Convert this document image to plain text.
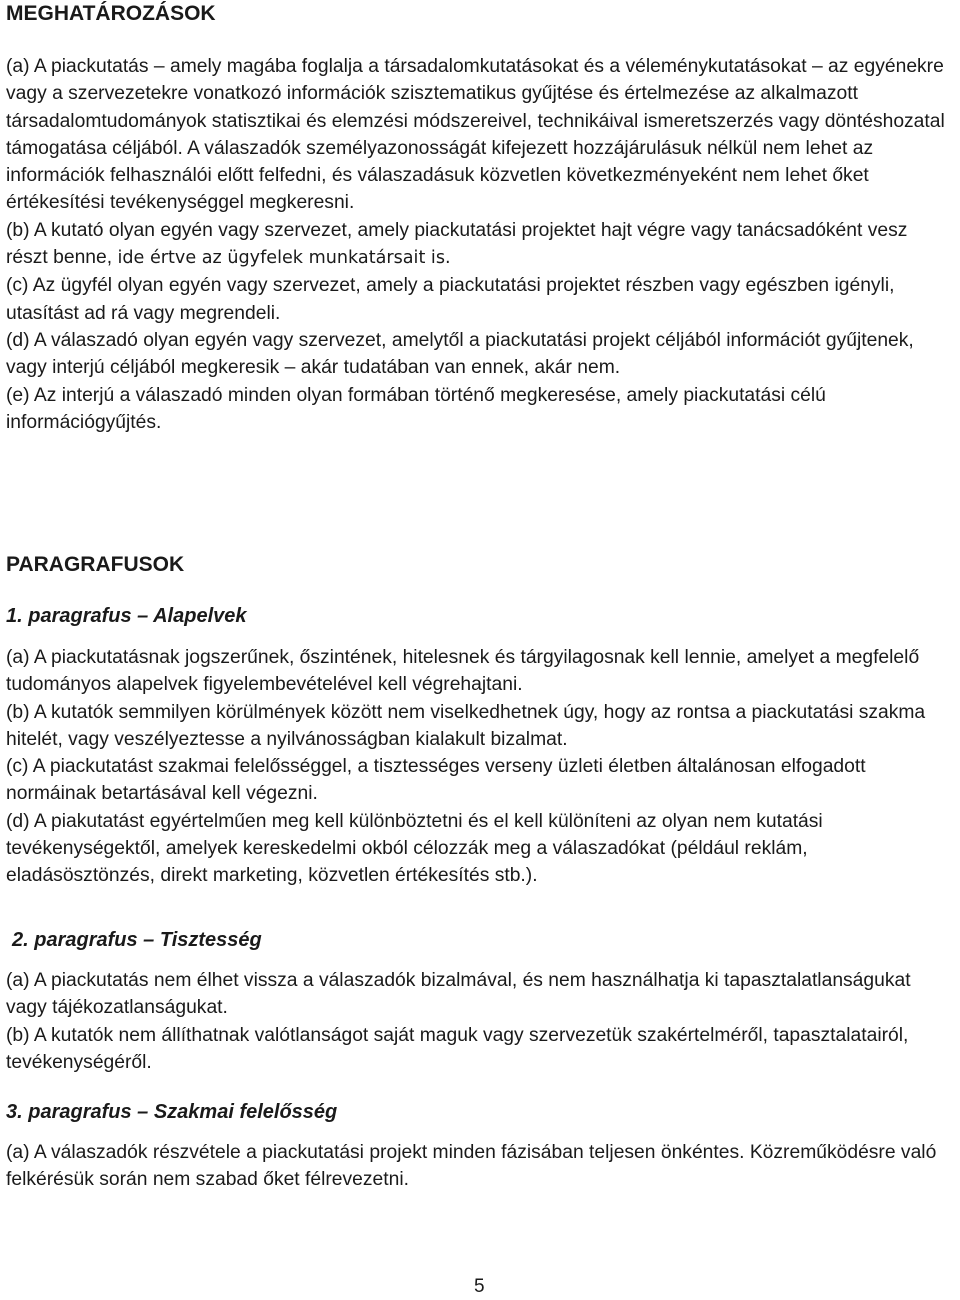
MEGHATÁROZÁSOK

(a) A piackutatás – amely magába foglalja a társadalomkutatásokat és a véleménykutatásokat – az egyénekre vagy a szervezetekre vonatkozó információk szisztematikus gyűjtése és értelmezése az alkalmazott társadalomtudományok statisztikai és elemzési módszereivel, technikáival ismeretszerzés vagy döntéshozatal támogatása céljából. A válaszadók személyazonosságát kifejezett hozzájárulásuk nélkül nem lehet az információk felhasználói előtt felfedni, és válaszadásuk közvetlen következményeként nem lehet őket értékesítési tevékenységgel megkeresni.

(b) A kutató olyan egyén vagy szervezet, amely piackutatási projektet hajt végre vagy tanácsadóként vesz részt benne, ide értve az ügyfelek munkatársait is.

(c) Az ügyfél olyan egyén vagy szervezet, amely a piackutatási projektet részben vagy egészben igényli, utasítást ad rá vagy megrendeli.

(d) A válaszadó olyan egyén vagy szervezet, amelytől a piackutatási projekt céljából információt gyűjtenek, vagy interjú céljából megkeresik – akár tudatában van ennek, akár nem.

(e) Az interjú a válaszadó minden olyan formában történő megkeresése, amely piackutatási célú információgyűjtés.

PARAGRAFUSOK
1. paragrafus – Alapelvek

(a) A piackutatásnak jogszerűnek, őszintének, hitelesnek és tárgyilagosnak kell lennie, amelyet a megfelelő tudományos alapelvek figyelembevételével kell végrehajtani.

(b) A kutatók semmilyen körülmények között nem viselkedhetnek úgy, hogy az rontsa a piackutatási szakma hitelét, vagy veszélyeztesse a nyilvánosságban kialakult bizalmat.

(c) A piackutatást szakmai felelősséggel, a tisztességes verseny üzleti életben általánosan elfogadott normáinak betartásával kell végezni.

(d) A piakutatást egyértelműen meg kell különböztetni és el kell különíteni az olyan nem kutatási tevékenységektől, amelyek kereskedelmi okból célozzák meg a válaszadókat (például reklám, eladásösztönzés, direkt marketing, közvetlen értékesítés stb.).

2. paragrafus – Tisztesség

(a) A piackutatás nem élhet vissza a válaszadók bizalmával, és nem használhatja ki tapasztalatlanságukat vagy tájékozatlanságukat.

(b) A kutatók nem állíthatnak valótlanságot saját maguk vagy szervezetük szakértelméről, tapasztalatairól, tevékenységéről.

3. paragrafus – Szakmai felelősség

(a) A válaszadók részvétele a piackutatási projekt minden fázisában teljesen önkéntes. Közreműködésre való felkérésük során nem szabad őket félrevezetni.

5
